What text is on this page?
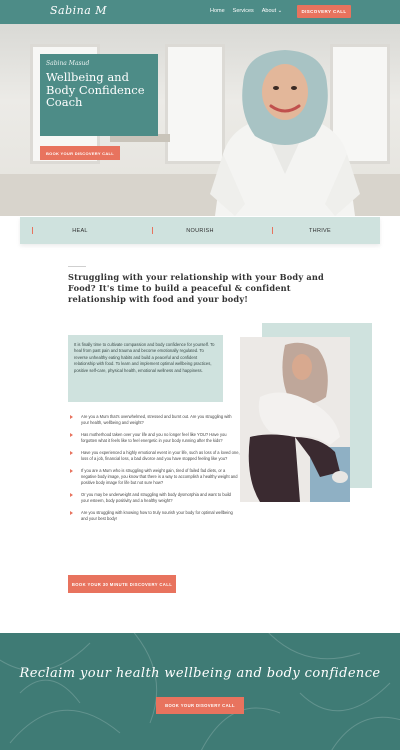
Sabina M	Home Services About ⌄	DISCOVERY CALL
Sabina Masud
Wellbeing and Body Confidence Coach
BOOK YOUR DISCOVERY CALL
HEAL	NOURISH	THRIVE
Struggling with your relationship with your Body and Food? It's time to build a peaceful & confident relationship with food and your body!
It is finally time to cultivate compassion and body confidence for yourself. To heal from past pain and trauma and become emotionally regulated. To reverse unhealthy eating habits and build a peaceful and confident relationship with food. To learn and implement optimal wellbeing practices, positive self-care, physical health, emotional wellness and happiness.
Are you a Mum that's overwhelmed, stressed and burnt out. Are you struggling with your health, wellbeing and weight?
Has motherhood taken over your life and you no longer feel like YOU? Have you forgotten what it feels like to feel energetic in your body running after the kids?
Have you experienced a highly emotional event in your life, such as loss of a loved one, loss of a job, financial loss, a bad divorce and you have stopped feeling like you?
If you are a Mum who is struggling with weight gain, tired of failed fad diets, or a negative body image, you know that there is a way to accomplish a healthy weight and positive body image for life but not sure how?
Or you may be underweight and struggling with body dysmorphia and want to build your esteem, body positivity and a healthy weight?
Are you struggling with knowing how to truly nourish your body for optimal wellbeing and your best body!
BOOK YOUR 30 MINUTE DISCOVERY CALL
Reclaim your health wellbeing and body confidence
BOOK YOUR DISOVERY CALL
